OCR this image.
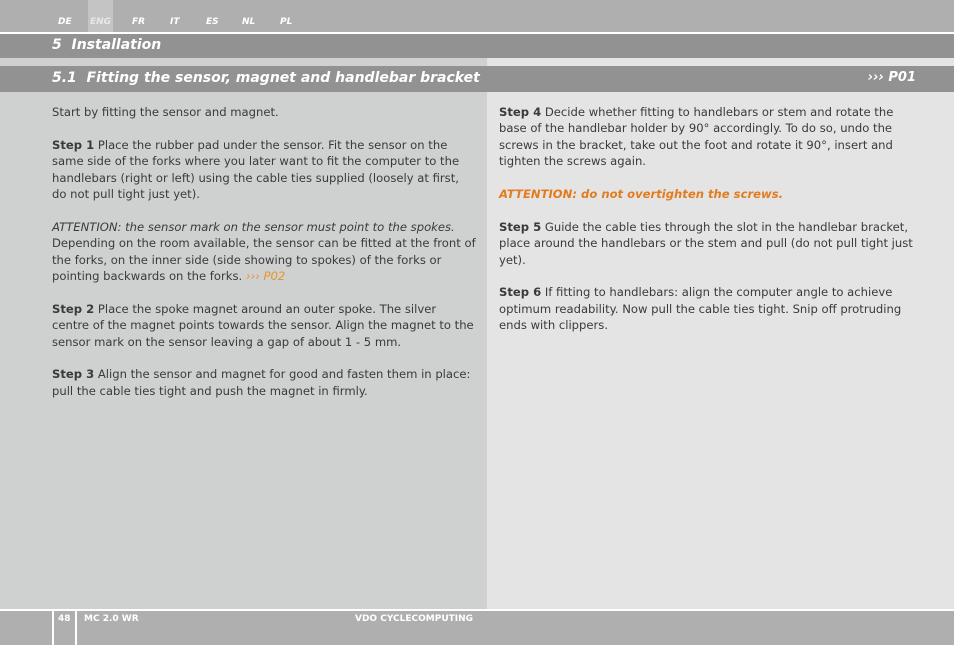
DE ENG FR	IT	ES	NL	PL
5  Installation
5.1  Fitting the sensor, magnet and handlebar bracket	››› P01

Start by fitting the sensor and magnet.

Step 1 Place the rubber pad under the sensor. Fit the sensor on the same side of the forks where you later want to fit the computer to the handlebars (right or left) using the cable ties supplied (loosely at first, do not pull tight just yet).

ATTENTION: the sensor mark on the sensor must point to the spokes. Depending on the room available, the sensor can be fitted at the front of the forks, on the inner side (side showing to spokes) of the forks or pointing backwards on the forks. ››› P02

Step 2 Place the spoke magnet around an outer spoke. The silver centre of the magnet points towards the sensor. Align the magnet to the sensor mark on the sensor leaving a gap of about 1 - 5 mm.

Step 3 Align the sensor and magnet for good and fasten them in place: pull the cable ties tight and push the magnet in firmly.

Step 4 Decide whether fitting to handlebars or stem and rotate the base of the handlebar holder by 90° accordingly. To do so, undo the screws in the bracket, take out the foot and rotate it 90°, insert and tighten the screws again.

ATTENTION: do not overtighten the screws.

Step 5 Guide the cable ties through the slot in the handlebar bracket, place around the handlebars or the stem and pull (do not pull tight just yet).

Step 6 If fitting to handlebars: align the computer angle to achieve optimum readability. Now pull the cable ties tight. Snip off protruding ends with clippers.

48 MC 2.0 WR	VDO CYCLECOMPUTING
